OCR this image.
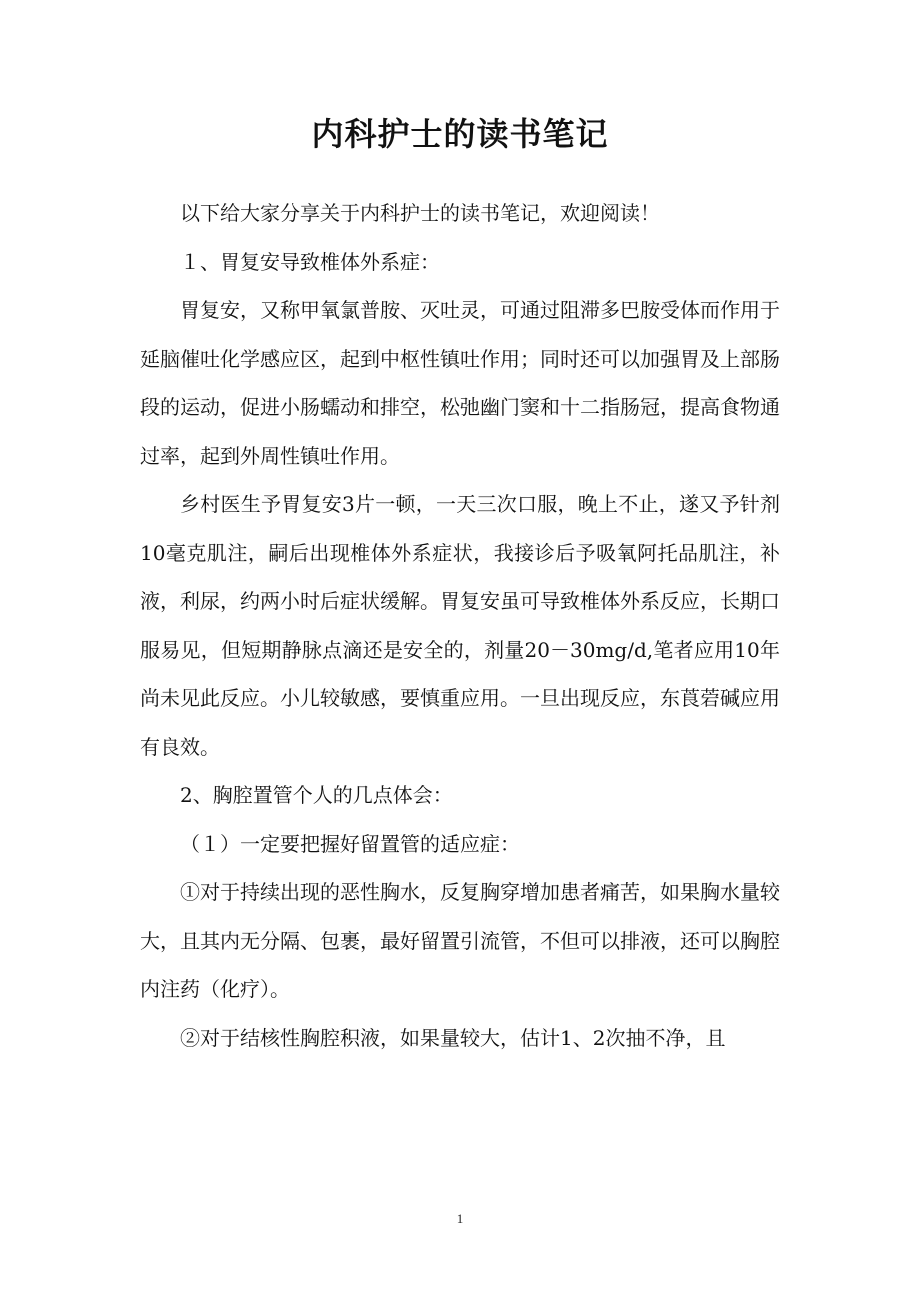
内科护士的读书笔记

以下给大家分享关于内科护士的读书笔记，欢迎阅读！

１、胃复安导致椎体外系症：

胃复安，又称甲氧氯普胺、灭吐灵，可通过阻滞多巴胺受体而作用于延脑催吐化学感应区，起到中枢性镇吐作用；同时还可以加强胃及上部肠段的运动，促进小肠蠕动和排空，松弛幽门窦和十二指肠冠，提高食物通过率，起到外周性镇吐作用。

乡村医生予胃复安3片一顿，一天三次口服，晚上不止，遂又予针剂10毫克肌注，嗣后出现椎体外系症状，我接诊后予吸氧阿托品肌注，补液，利尿，约两小时后症状缓解。胃复安虽可导致椎体外系反应，长期口服易见，但短期静脉点滴还是安全的，剂量20－30mg/d,笔者应用10年尚未见此反应。小儿较敏感，要慎重应用。一旦出现反应，东莨菪碱应用有良效。

2、胸腔置管个人的几点体会：

（１）一定要把握好留置管的适应症：

①对于持续出现的恶性胸水，反复胸穿增加患者痛苦，如果胸水量较大，且其内无分隔、包裹，最好留置引流管，不但可以排液，还可以胸腔内注药（化疗）。

②对于结核性胸腔积液，如果量较大，估计1、2次抽不净，且

1
